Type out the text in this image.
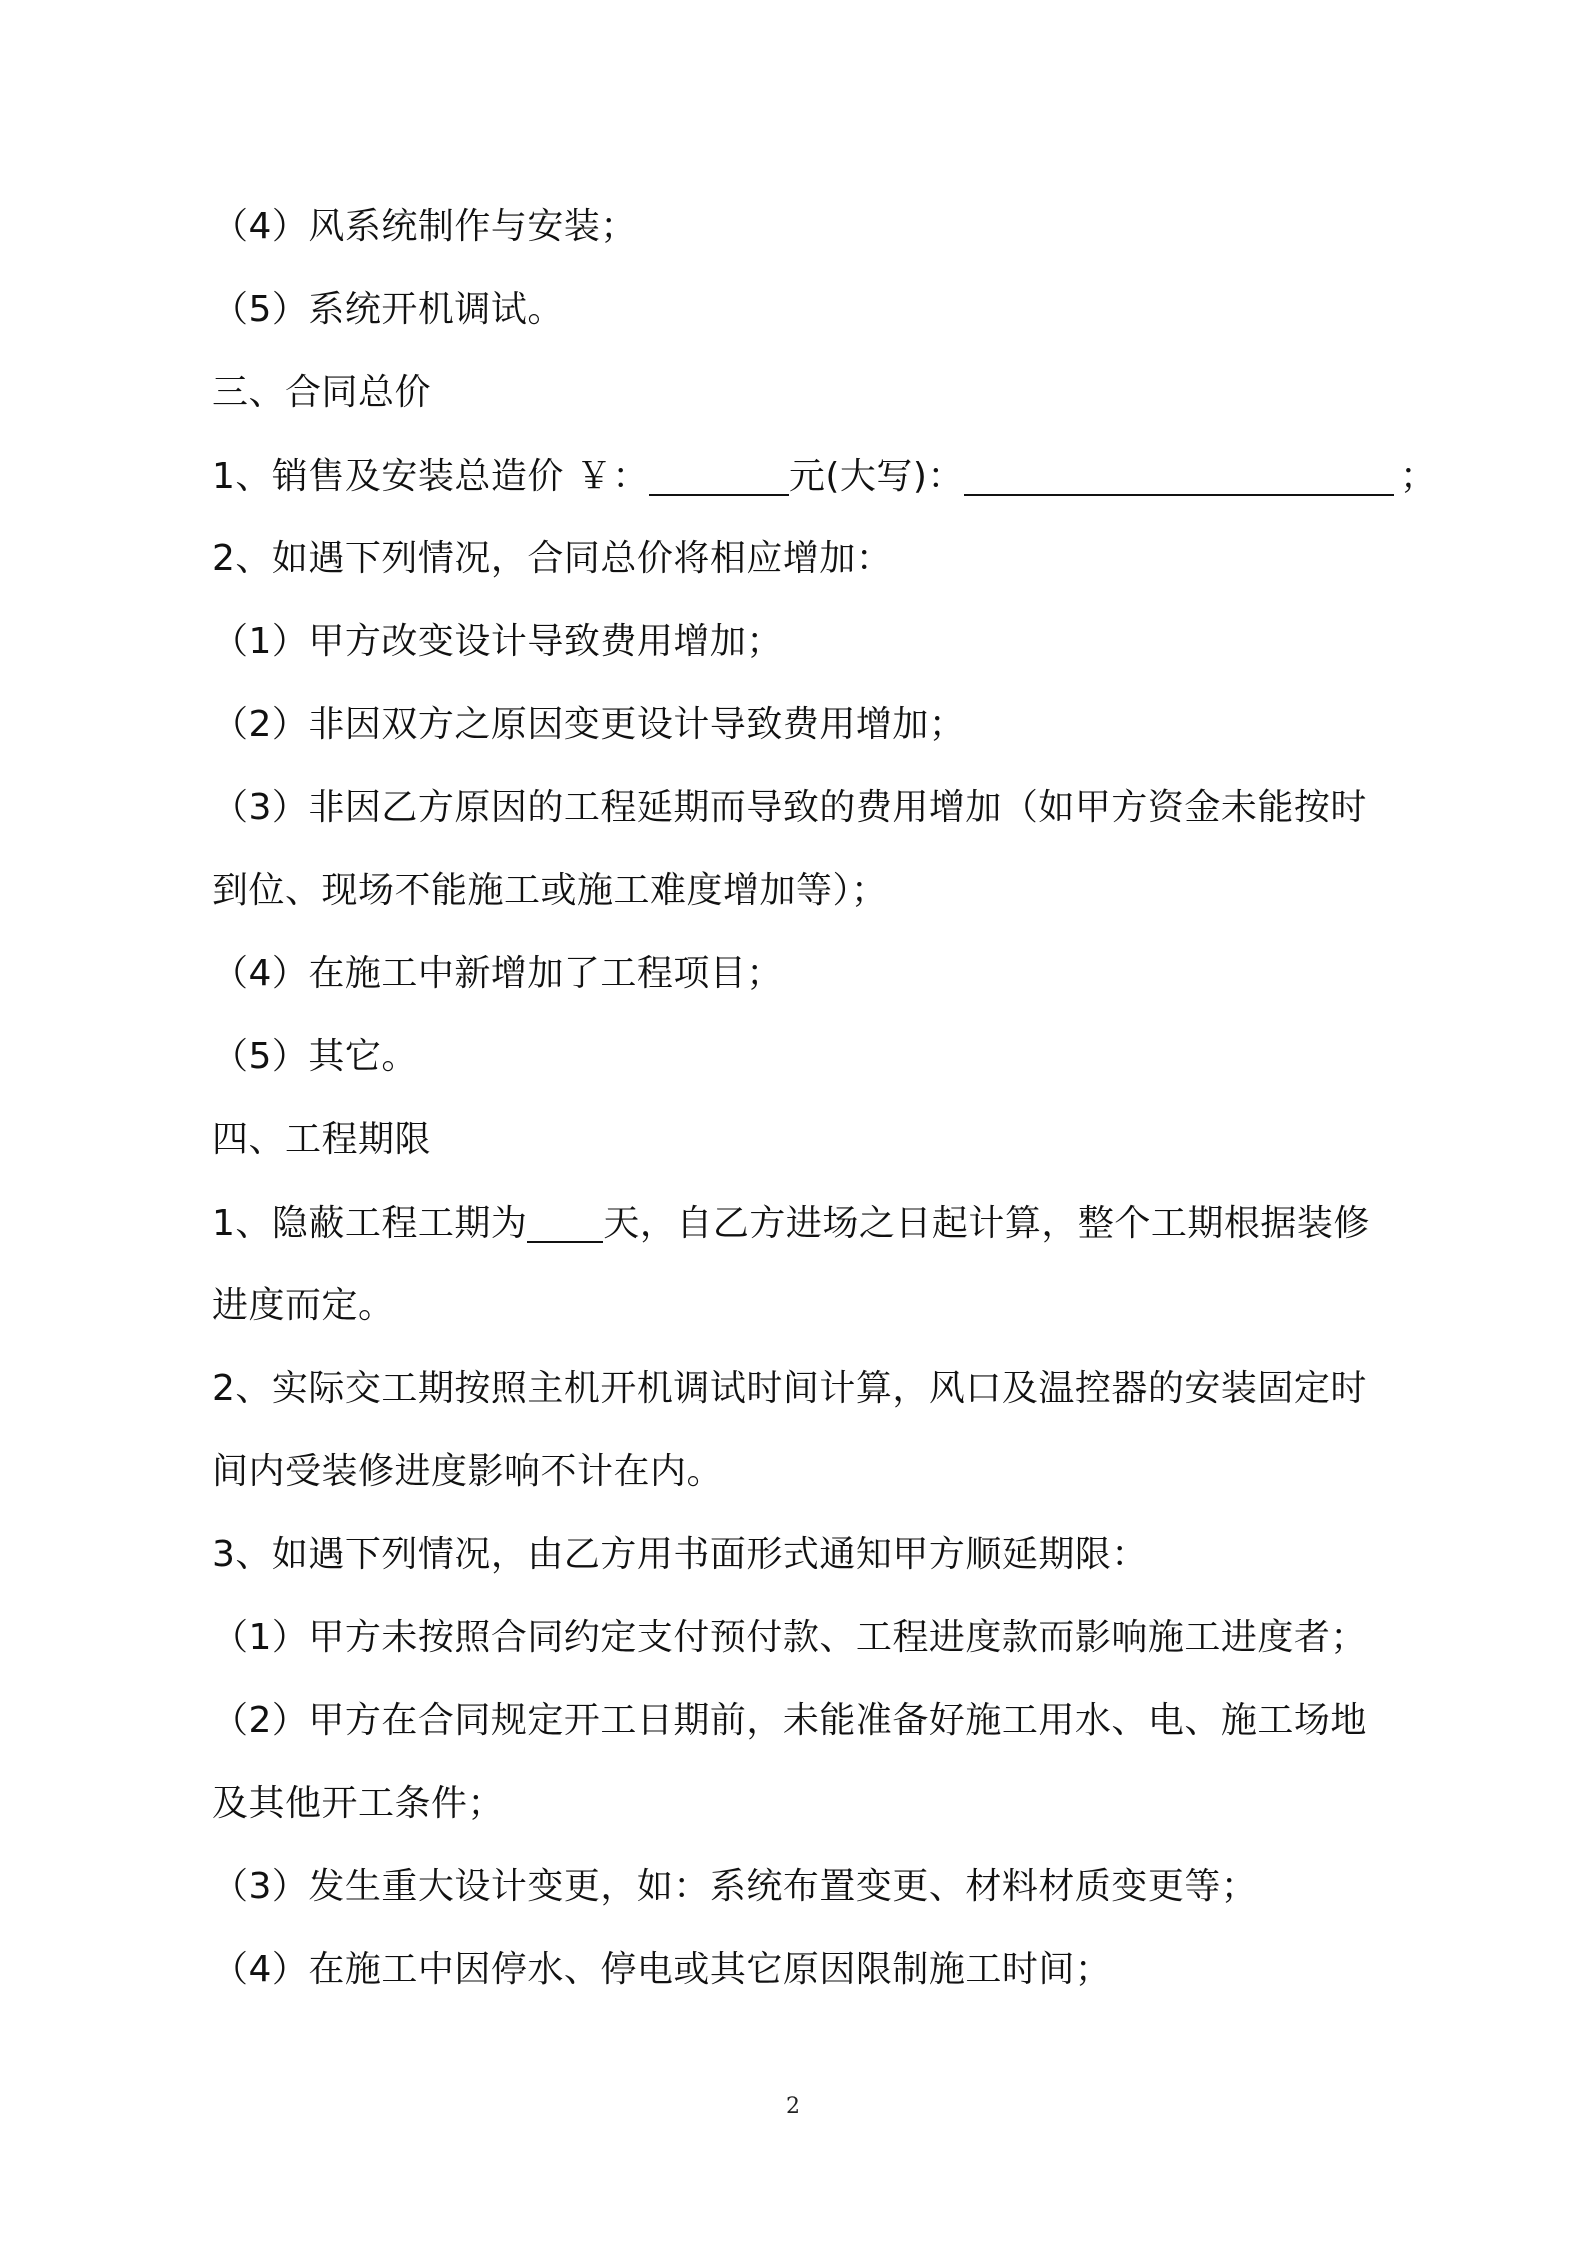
（4）风系统制作与安装；
（5）系统开机调试。
三、合同总价
1、销售及安装总造价 ￥：	元(大写)：	；
2、如遇下列情况，合同总价将相应增加：
（1）甲方改变设计导致费用增加；
（2）非因双方之原因变更设计导致费用增加；
（3）非因乙方原因的工程延期而导致的费用增加（如甲方资金未能按时
到位、现场不能施工或施工难度增加等）；
（4）在施工中新增加了工程项目；
（5）其它。
四、工程期限
1、隐蔽工程工期为 天，自乙方进场之日起计算，整个工期根据装修
进度而定。
2、实际交工期按照主机开机调试时间计算，风口及温控器的安装固定时
间内受装修进度影响不计在内。
3、如遇下列情况，由乙方用书面形式通知甲方顺延期限：
（1）甲方未按照合同约定支付预付款、工程进度款而影响施工进度者；
（2）甲方在合同规定开工日期前，未能准备好施工用水、电、施工场地
及其他开工条件；
（3）发生重大设计变更，如：系统布置变更、材料材质变更等；
（4）在施工中因停水、停电或其它原因限制施工时间；
2
